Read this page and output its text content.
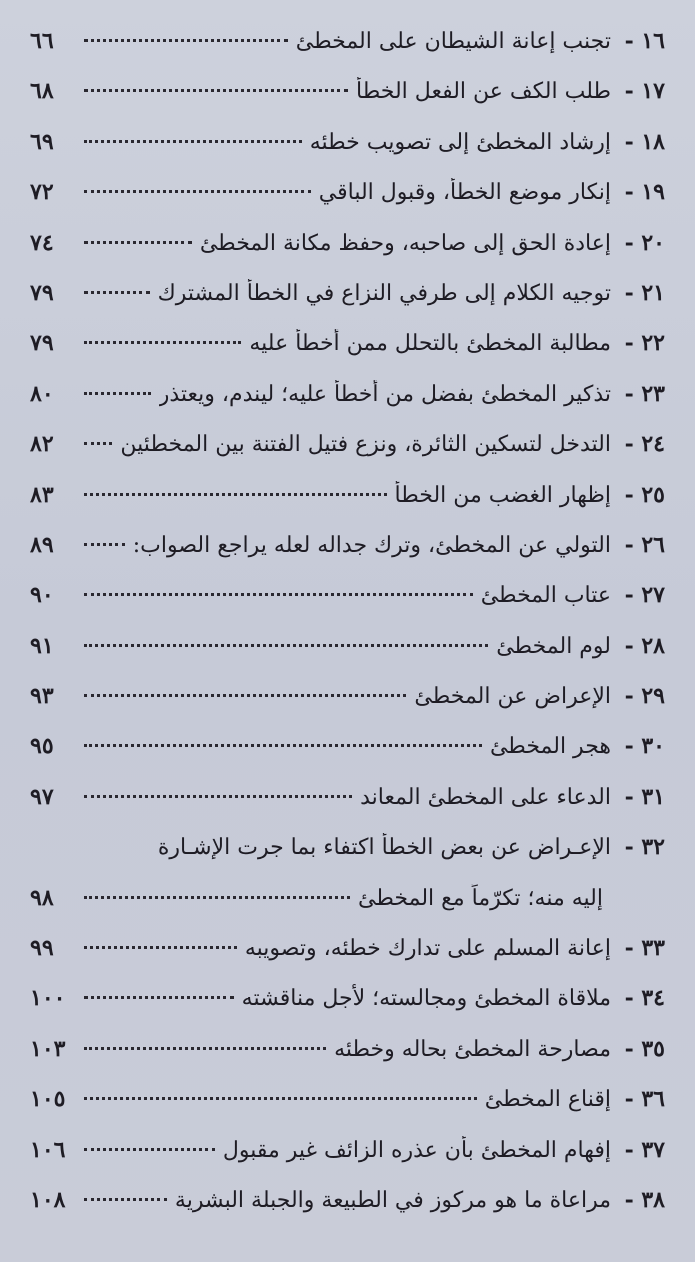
١٦ -
تجنب إعانة الشيطان على المخطئ
٦٦
١٧ -
طلب الكف عن الفعل الخطأ
٦٨
١٨ -
إرشاد المخطئ إلى تصويب خطئه
٦٩
١٩ -
إنكار موضع الخطأ، وقبول الباقي
٧٢
٢٠ -
إعادة الحق إلى صاحبه، وحفظ مكانة المخطئ
٧٤
٢١ -
توجيه الكلام إلى طرفي النزاع في الخطأ المشترك
٧٩
٢٢ -
مطالبة المخطئ بالتحلل ممن أخطأ عليه
٧٩
٢٣ -
تذكير المخطئ بفضل من أخطأ عليه؛ ليندم، ويعتذر
٨٠
٢٤ -
التدخل لتسكين الثائرة، ونزع فتيل الفتنة بين المخطئين
٨٢
٢٥ -
إظهار الغضب من الخطأ
٨٣
٢٦ -
التولي عن المخطئ، وترك جداله لعله يراجع الصواب:
٨٩
٢٧ -
عتاب المخطئ
٩٠
٢٨ -
لوم المخطئ
٩١
٢٩ -
الإعراض عن المخطئ
٩٣
٣٠ -
هجر المخطئ
٩٥
٣١ -
الدعاء على المخطئ المعاند
٩٧
٣٢ -
الإعـراض عن بعض الخطأ اكتفاء بما جرت الإشـارة
إليه منه؛ تكرّماً مع المخطئ
٩٨
٣٣ -
إعانة المسلم على تدارك خطئه، وتصويبه
٩٩
٣٤ -
ملاقاة المخطئ ومجالسته؛ لأجل مناقشته
١٠٠
٣٥ -
مصارحة المخطئ بحاله وخطئه
١٠٣
٣٦ -
إقناع المخطئ
١٠٥
٣٧ -
إفهام المخطئ بأن عذره الزائف غير مقبول
١٠٦
٣٨ -
مراعاة ما هو مركوز في الطبيعة والجبلة البشرية
١٠٨
